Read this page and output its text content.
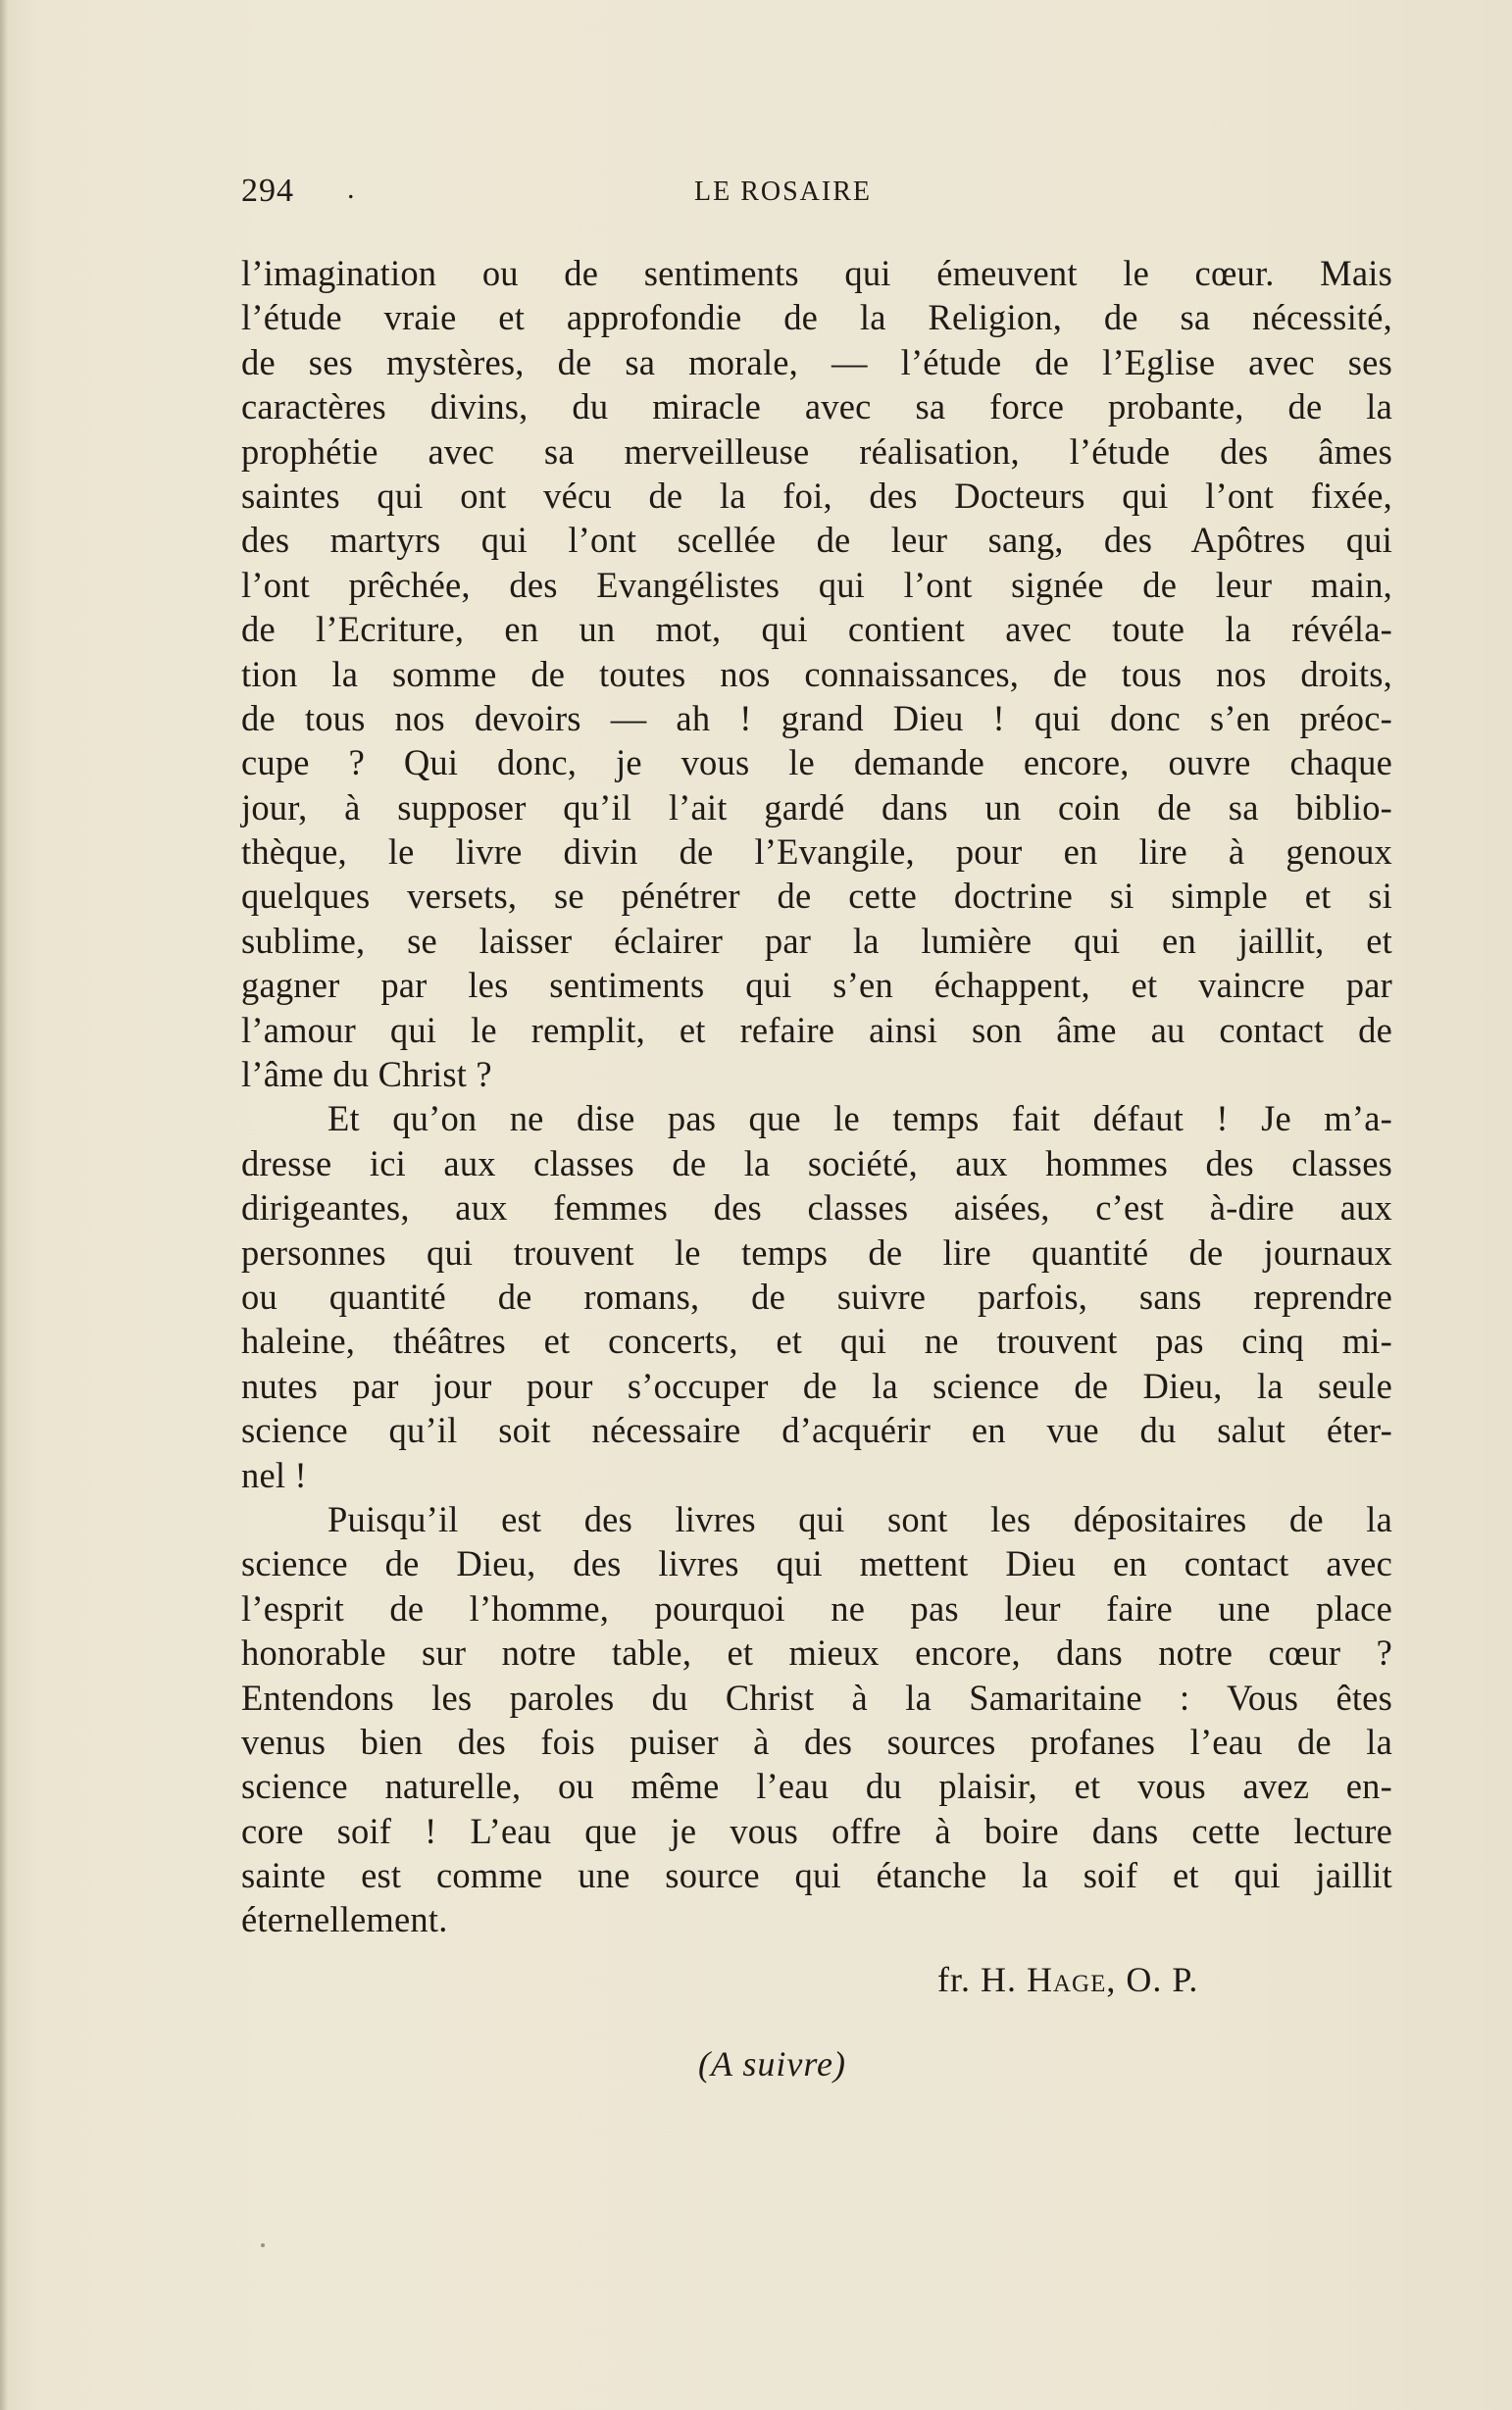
294 .	LE ROSAIRE
l’imagination ou de sentiments qui émeuvent le cœur. Mais
l’étude vraie et approfondie de la Religion, de sa nécessité,
de ses mystères, de sa morale, — l’étude de l’Eglise avec ses
caractères divins, du miracle avec sa force probante, de la
prophétie avec sa merveilleuse réalisation, l’étude des âmes
saintes qui ont vécu de la foi, des Docteurs qui l’ont fixée,
des martyrs qui l’ont scellée de leur sang, des Apôtres qui
l’ont prêchée, des Evangélistes qui l’ont signée de leur main,
de l’Ecriture, en un mot, qui contient avec toute la révéla-
tion la somme de toutes nos connaissances, de tous nos droits,
de tous nos devoirs — ah ! grand Dieu ! qui donc s’en préoc-
cupe ? Qui donc, je vous le demande encore, ouvre chaque
jour, à supposer qu’il l’ait gardé dans un coin de sa biblio-
thèque, le livre divin de l’Evangile, pour en lire à genoux
quelques versets, se pénétrer de cette doctrine si simple et si
sublime, se laisser éclairer par la lumière qui en jaillit, et
gagner par les sentiments qui s’en échappent, et vaincre par
l’amour qui le remplit, et refaire ainsi son âme au contact de
l’âme du Christ ?
Et qu’on ne dise pas que le temps fait défaut ! Je m’a-
dresse ici aux classes de la société, aux hommes des classes
dirigeantes, aux femmes des classes aisées, c’est à-dire aux
personnes qui trouvent le temps de lire quantité de journaux
ou quantité de romans, de suivre parfois, sans reprendre
haleine, théâtres et concerts, et qui ne trouvent pas cinq mi-
nutes par jour pour s’occuper de la science de Dieu, la seule
science qu’il soit nécessaire d’acquérir en vue du salut éter-
nel !
Puisqu’il est des livres qui sont les dépositaires de la
science de Dieu, des livres qui mettent Dieu en contact avec
l’esprit de l’homme, pourquoi ne pas leur faire une place
honorable sur notre table, et mieux encore, dans notre cœur ?
Entendons les paroles du Christ à la Samaritaine : Vous êtes
venus bien des fois puiser à des sources profanes l’eau de la
science naturelle, ou même l’eau du plaisir, et vous avez en-
core soif ! L’eau que je vous offre à boire dans cette lecture
sainte est comme une source qui étanche la soif et qui jaillit
éternellement.
fr. H. Hage, O. P.
(A suivre)
